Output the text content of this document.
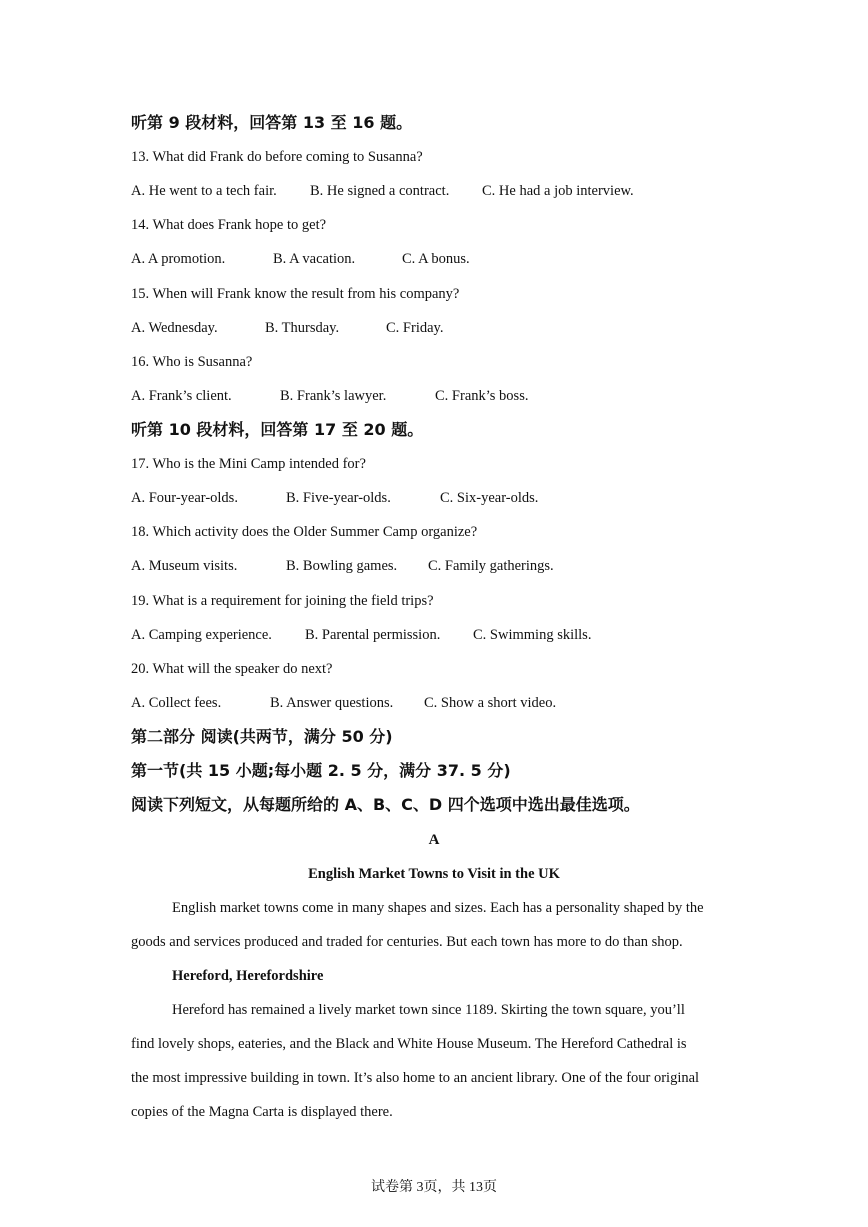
听第 9 段材料，回答第 13 至 16 题。
13. What did Frank do before coming to Susanna?
A. He went to a tech fair. B. He signed a contract. C. He had a job interview.
14. What does Frank hope to get?
A. A promotion.	B. A vacation.	C. A bonus.
15. When will Frank know the result from his company?
A. Wednesday.	B. Thursday.	C. Friday.
16. Who is Susanna?
A. Frank’s client.	B. Frank’s lawyer.	C. Frank’s boss.
听第 10 段材料，回答第 17 至 20 题。
17. Who is the Mini Camp intended for?
A. Four-year-olds.	B. Five-year-olds.	C. Six-year-olds.
18. Which activity does the Older Summer Camp organize?
A. Museum visits.	B. Bowling games. C. Family gatherings.
19. What is a requirement for joining the field trips?
A. Camping experience. B. Parental permission. C. Swimming skills.
20. What will the speaker do next?
A. Collect fees.	B. Answer questions. C. Show a short video.
第二部分 阅读(共两节，满分 50 分)
第一节(共 15 小题;每小题 2. 5 分，满分 37. 5 分)
阅读下列短文，从每题所给的 A、B、C、D 四个选项中选出最佳选项。
A
English Market Towns to Visit in the UK
English market towns come in many shapes and sizes. Each has a personality shaped by the
goods and services produced and traded for centuries. But each town has more to do than shop.
Hereford, Herefordshire
Hereford has remained a lively market town since 1189. Skirting the town square, you’ll
find lovely shops, eateries, and the Black and White House Museum. The Hereford Cathedral is
the most impressive building in town. It’s also home to an ancient library. One of the four original
copies of the Magna Carta is displayed there.
试卷第 3页，共 13页
